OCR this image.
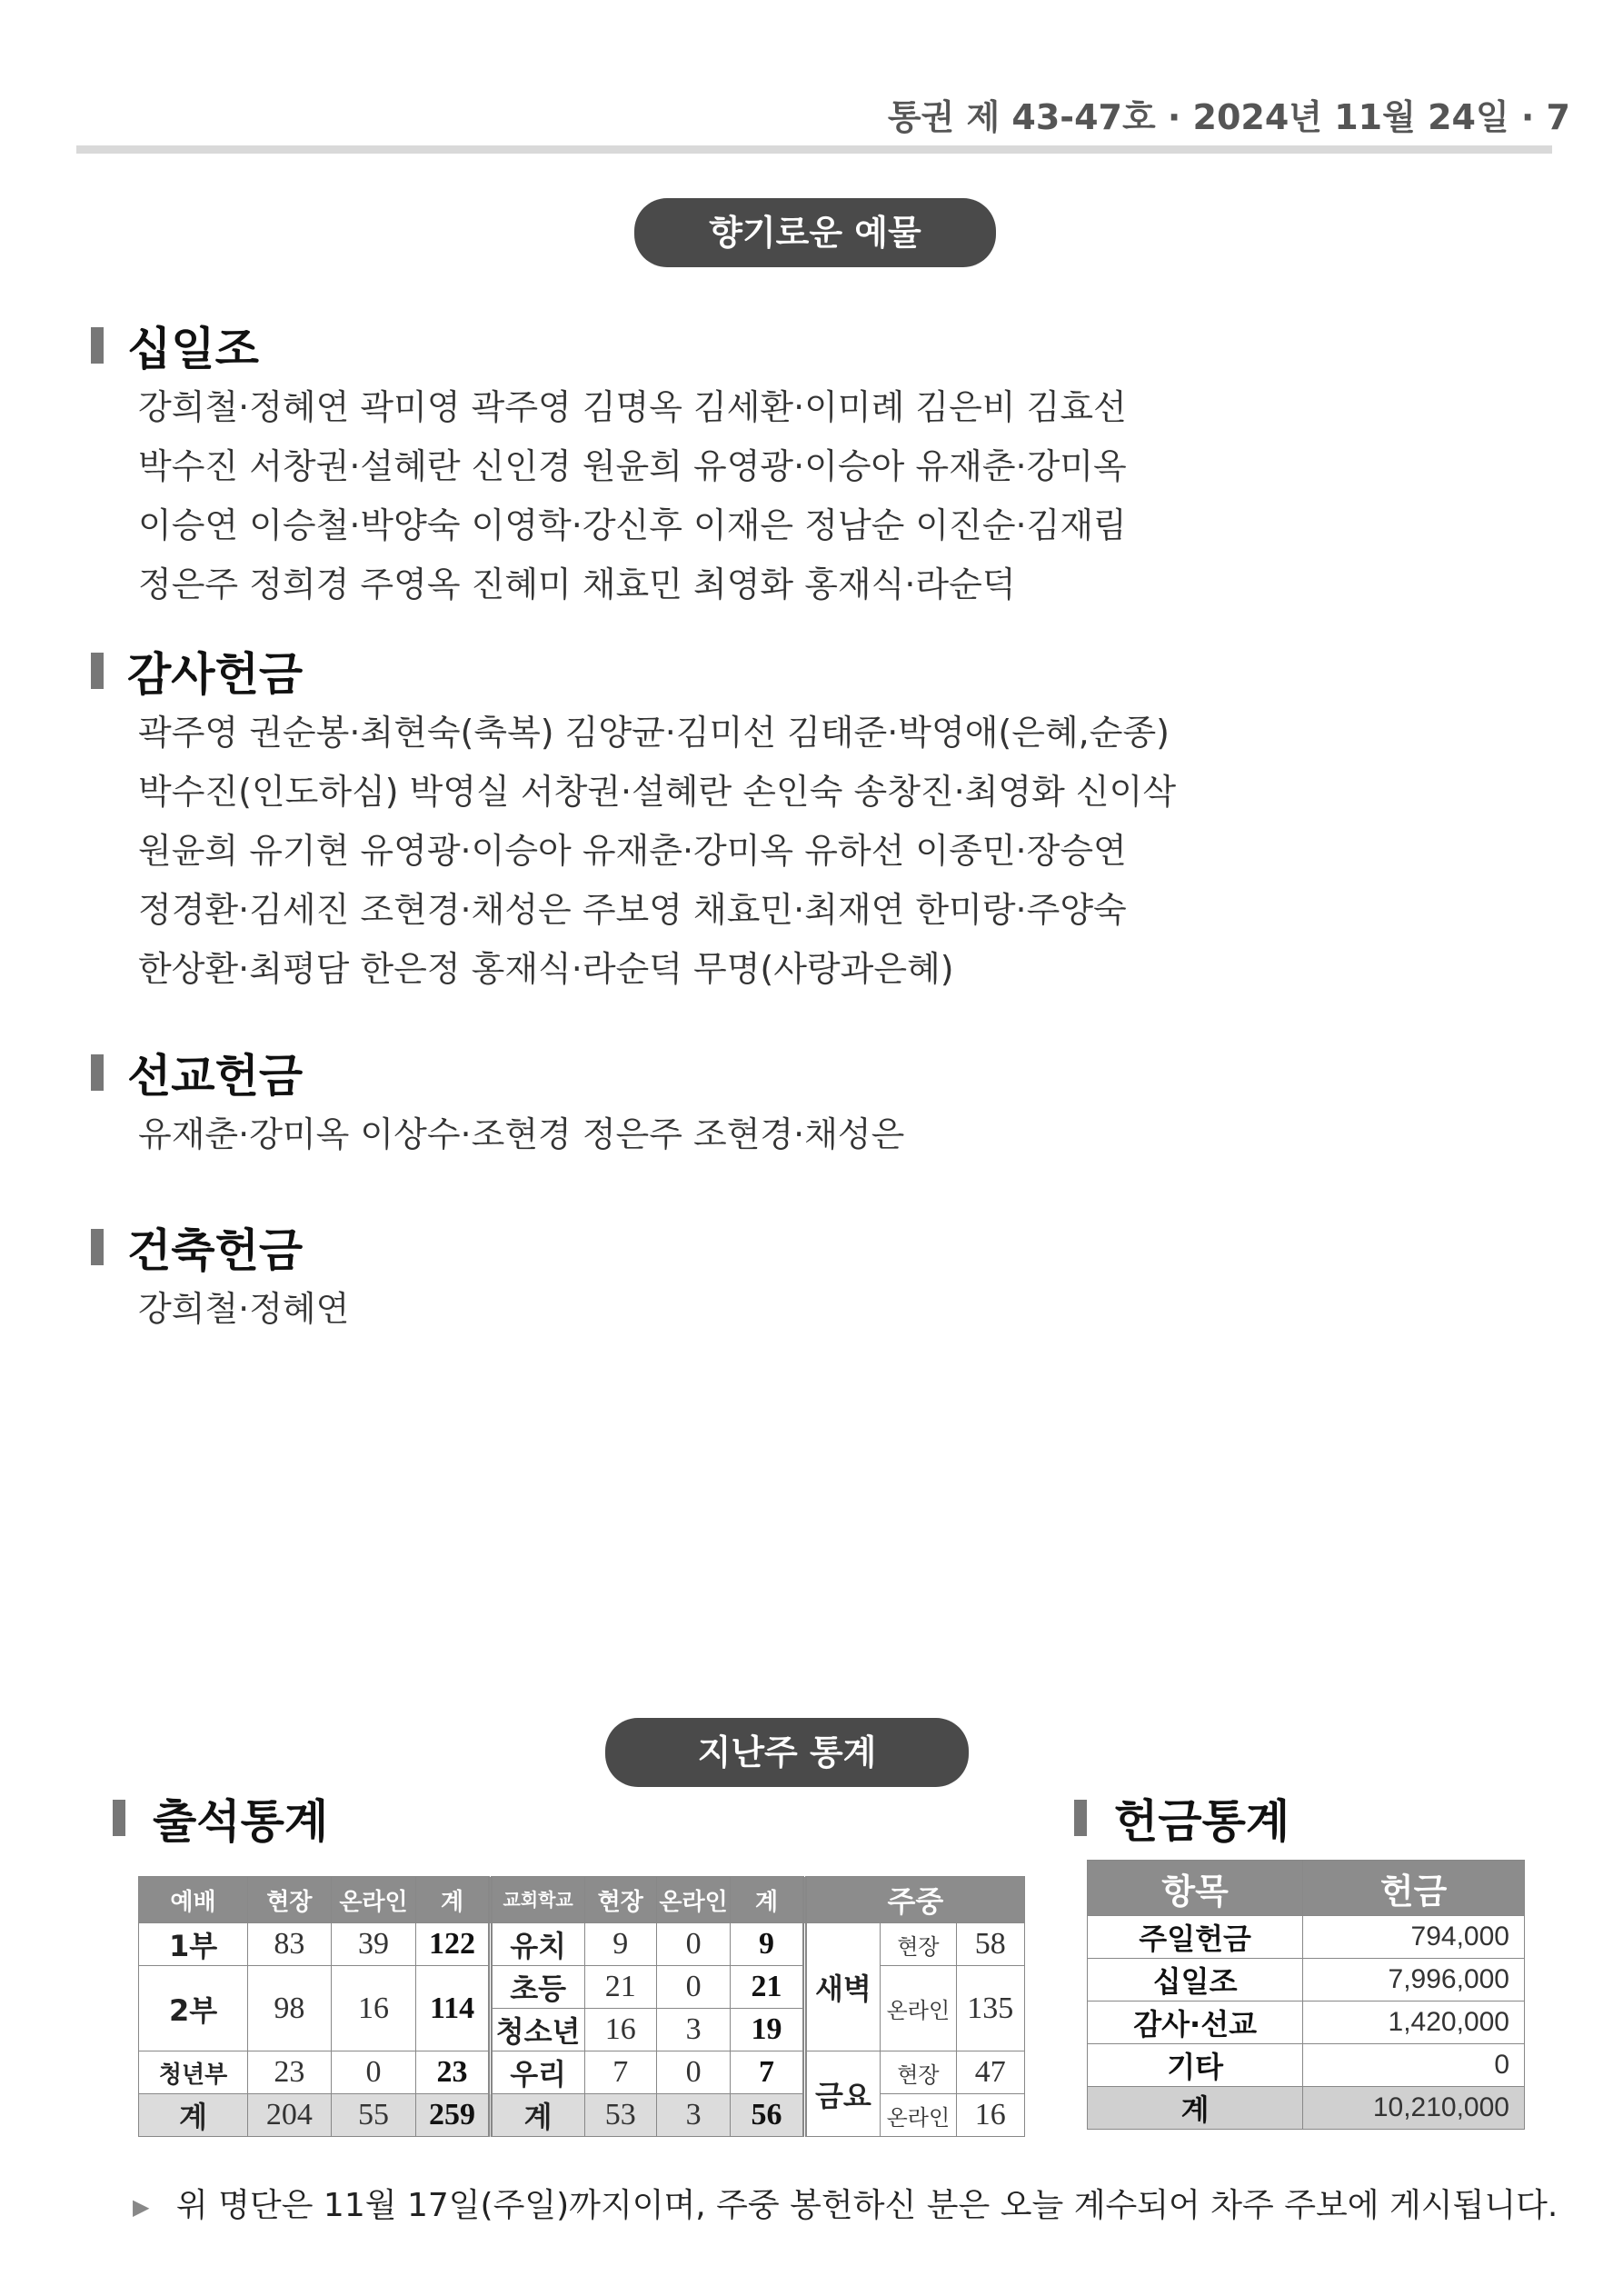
통권 제 43-47호 · 2024년 11월 24일 · 7
향기로운 예물
십일조
강희철·정혜연 곽미영 곽주영 김명옥 김세환·이미례 김은비 김효선
박수진 서창권·설혜란 신인경 원윤희 유영광·이승아 유재춘·강미옥
이승연 이승철·박양숙 이영학·강신후 이재은 정남순 이진순·김재림
정은주 정희경 주영옥 진혜미 채효민 최영화 홍재식·라순덕
감사헌금
곽주영 권순봉·최현숙(축복) 김양균·김미선 김태준·박영애(은혜,순종)
박수진(인도하심) 박영실 서창권·설혜란 손인숙 송창진·최영화 신이삭
원윤희 유기현 유영광·이승아 유재춘·강미옥 유하선 이종민·장승연
정경환·김세진 조현경·채성은 주보영 채효민·최재연 한미랑·주양숙
한상환·최평담 한은정 홍재식·라순덕 무명(사랑과은혜)
선교헌금
유재춘·강미옥 이상수·조현경 정은주 조현경·채성은
건축헌금
강희철·정혜연
지난주 통계
출석통계	헌금통계
예배	현장	온라인	계	교회학교	현장	온라인	계	주중		
1부	83	39	122	유치	9	0	9	새벽	현장	58
2부	98	16	114	초등	21	0	21		온라인	135
				청소년	16	3	19			
청년부	23	0	23	우리	7	0	7	금요	현장	47
계	204	55	259	계	53	3	56		온라인	16
항목	헌금
주일헌금	794,000
십일조	7,996,000
감사·선교	1,420,000
기타	0
계	10,210,000
▶ 위 명단은 11월 17일(주일)까지이며, 주중 봉헌하신 분은 오늘 계수되어 차주 주보에 게시됩니다.
